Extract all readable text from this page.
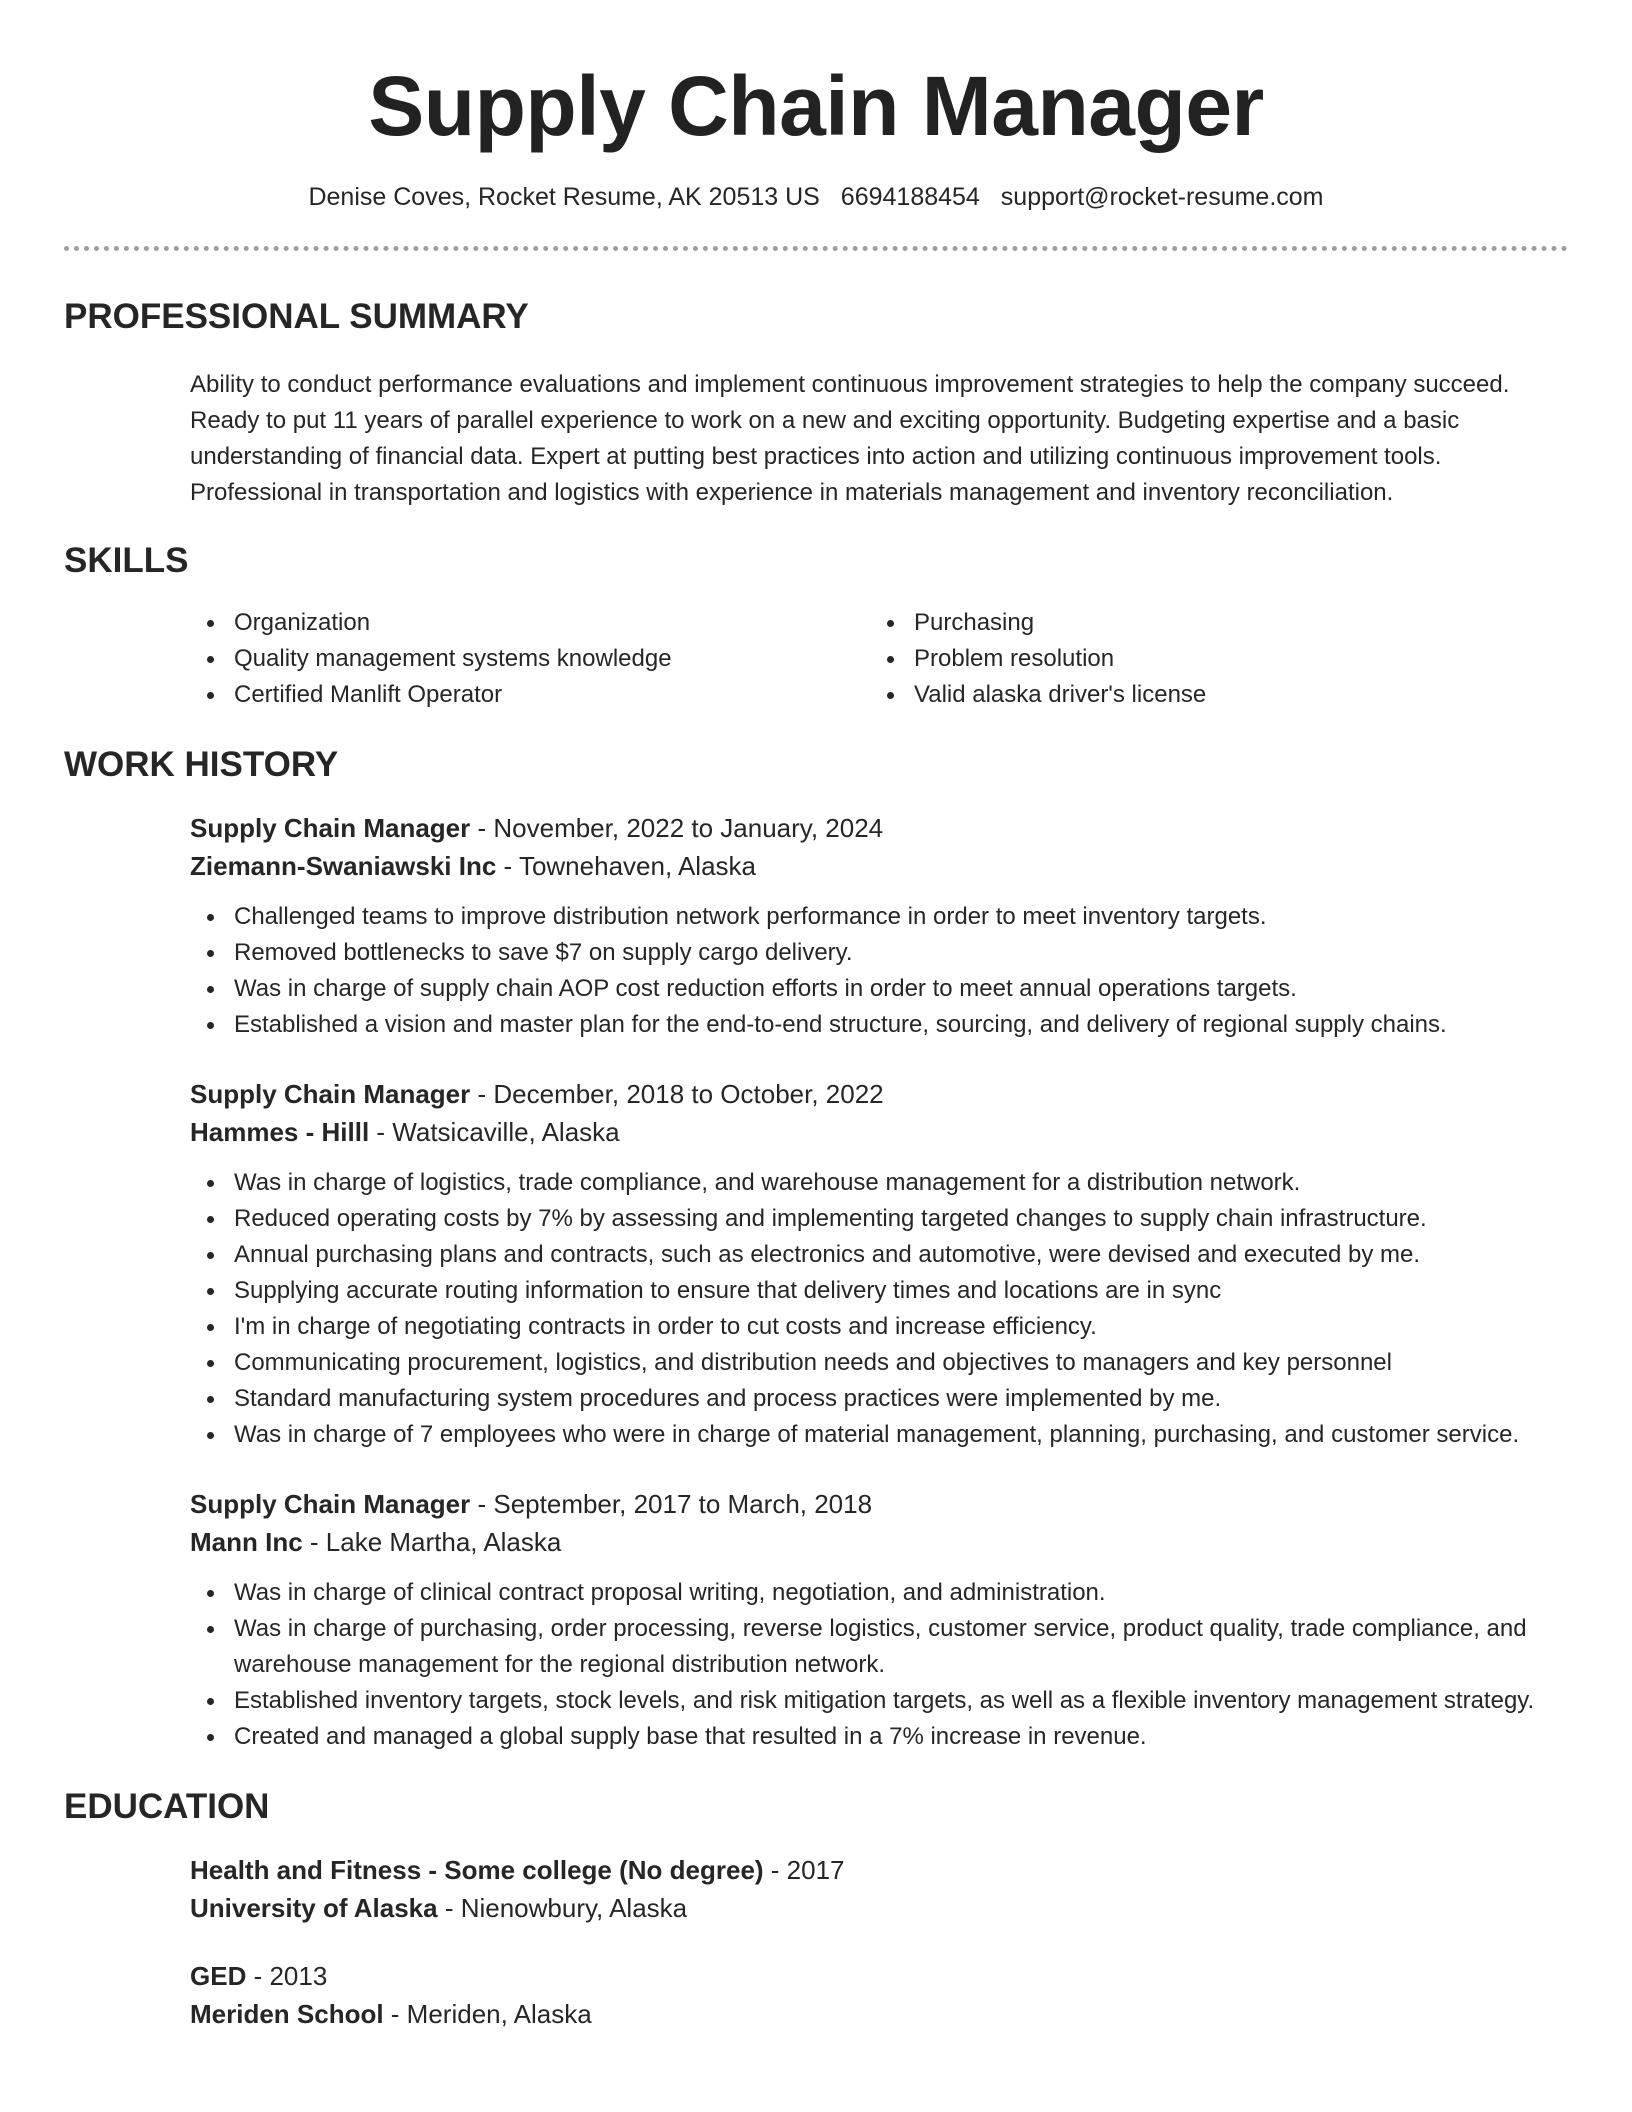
Supply Chain Manager
Denise Coves, Rocket Resume, AK 20513 US 6694188454 support@rocket-resume.com
PROFESSIONAL SUMMARY

Ability to conduct performance evaluations and implement continuous improvement strategies to help the company succeed. Ready to put 11 years of parallel experience to work on a new and exciting opportunity. Budgeting expertise and a basic understanding of financial data. Expert at putting best practices into action and utilizing continuous improvement tools. Professional in transportation and logistics with experience in materials management and inventory reconciliation.

SKILLS
Organization
Quality management systems knowledge
Certified Manlift Operator
Purchasing
Problem resolution
Valid alaska driver's license
WORK HISTORY
Supply Chain Manager - November, 2022 to January, 2024
Ziemann-Swaniawski Inc - Townehaven, Alaska
Challenged teams to improve distribution network performance in order to meet inventory targets.
Removed bottlenecks to save $7 on supply cargo delivery.
Was in charge of supply chain AOP cost reduction efforts in order to meet annual operations targets.
Established a vision and master plan for the end-to-end structure, sourcing, and delivery of regional supply chains.
Supply Chain Manager - December, 2018 to October, 2022
Hammes - Hilll - Watsicaville, Alaska
Was in charge of logistics, trade compliance, and warehouse management for a distribution network.
Reduced operating costs by 7% by assessing and implementing targeted changes to supply chain infrastructure.
Annual purchasing plans and contracts, such as electronics and automotive, were devised and executed by me.
Supplying accurate routing information to ensure that delivery times and locations are in sync
I'm in charge of negotiating contracts in order to cut costs and increase efficiency.
Communicating procurement, logistics, and distribution needs and objectives to managers and key personnel
Standard manufacturing system procedures and process practices were implemented by me.
Was in charge of 7 employees who were in charge of material management, planning, purchasing, and customer service.
Supply Chain Manager - September, 2017 to March, 2018
Mann Inc - Lake Martha, Alaska
Was in charge of clinical contract proposal writing, negotiation, and administration.
Was in charge of purchasing, order processing, reverse logistics, customer service, product quality, trade compliance, and warehouse management for the regional distribution network.
Established inventory targets, stock levels, and risk mitigation targets, as well as a flexible inventory management strategy.
Created and managed a global supply base that resulted in a 7% increase in revenue.
EDUCATION
Health and Fitness - Some college (No degree) - 2017
University of Alaska - Nienowbury, Alaska
GED - 2013
Meriden School - Meriden, Alaska
